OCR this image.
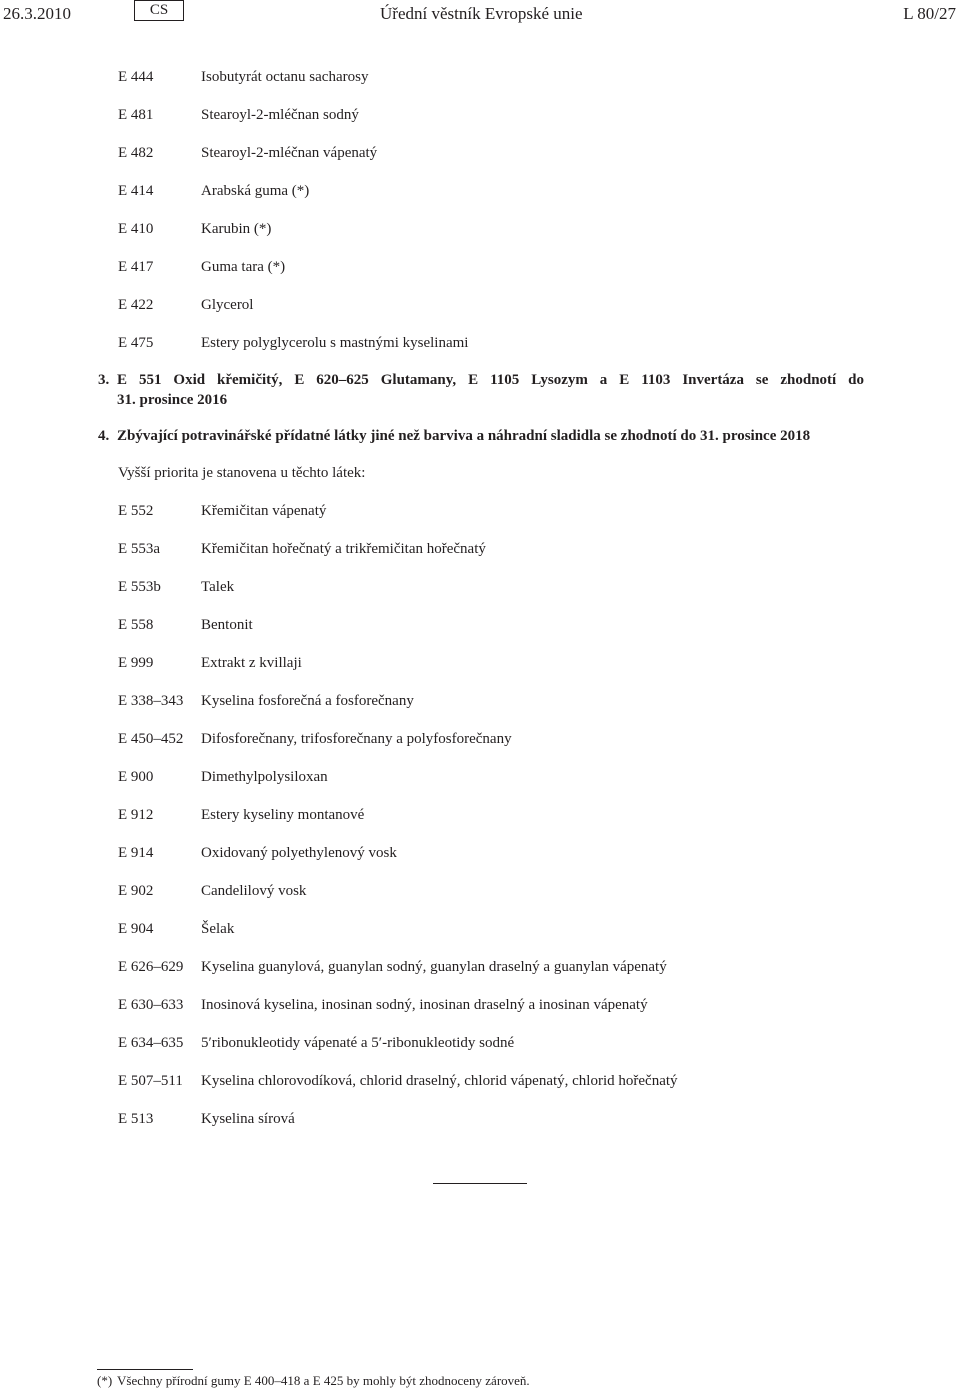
26.3.2010	CS	Úřední věstník Evropské unie	L 80/27
E 444	Isobutyrát octanu sacharosy
E 481	Stearoyl-2-mléčnan sodný
E 482	Stearoyl-2-mléčnan vápenatý
E 414	Arabská guma (*)
E 410	Karubin (*)
E 417	Guma tara (*)
E 422	Glycerol
E 475	Estery polyglycerolu s mastnými kyselinami
3. E 551 Oxid křemičitý, E 620–625 Glutamany, E 1105 Lysozym a E 1103 Invertáza se zhodnotí do
31. prosince 2016
4. Zbývající potravinářské přídatné látky jiné než barviva a náhradní sladidla se zhodnotí do 31. prosince 2018
Vyšší priorita je stanovena u těchto látek:
E 552	Křemičitan vápenatý
E 553a	Křemičitan hořečnatý a trikřemičitan hořečnatý
E 553b	Talek
E 558	Bentonit
E 999	Extrakt z kvillaji
E 338–343 Kyselina fosforečná a fosforečnany
E 450–452 Difosforečnany, trifosforečnany a polyfosforečnany
E 900	Dimethylpolysiloxan
E 912	Estery kyseliny montanové
E 914	Oxidovaný polyethylenový vosk
E 902	Candelilový vosk
E 904	Šelak
E 626–629 Kyselina guanylová, guanylan sodný, guanylan draselný a guanylan vápenatý
E 630–633 Inosinová kyselina, inosinan sodný, inosinan draselný a inosinan vápenatý
E 634–635 5′ribonukleotidy vápenaté a 5′-ribonukleotidy sodné
E 507–511 Kyselina chlorovodíková, chlorid draselný, chlorid vápenatý, chlorid hořečnatý
E 513	Kyselina sírová
(*) Všechny přírodní gumy E 400–418 a E 425 by mohly být zhodnoceny zároveň.
